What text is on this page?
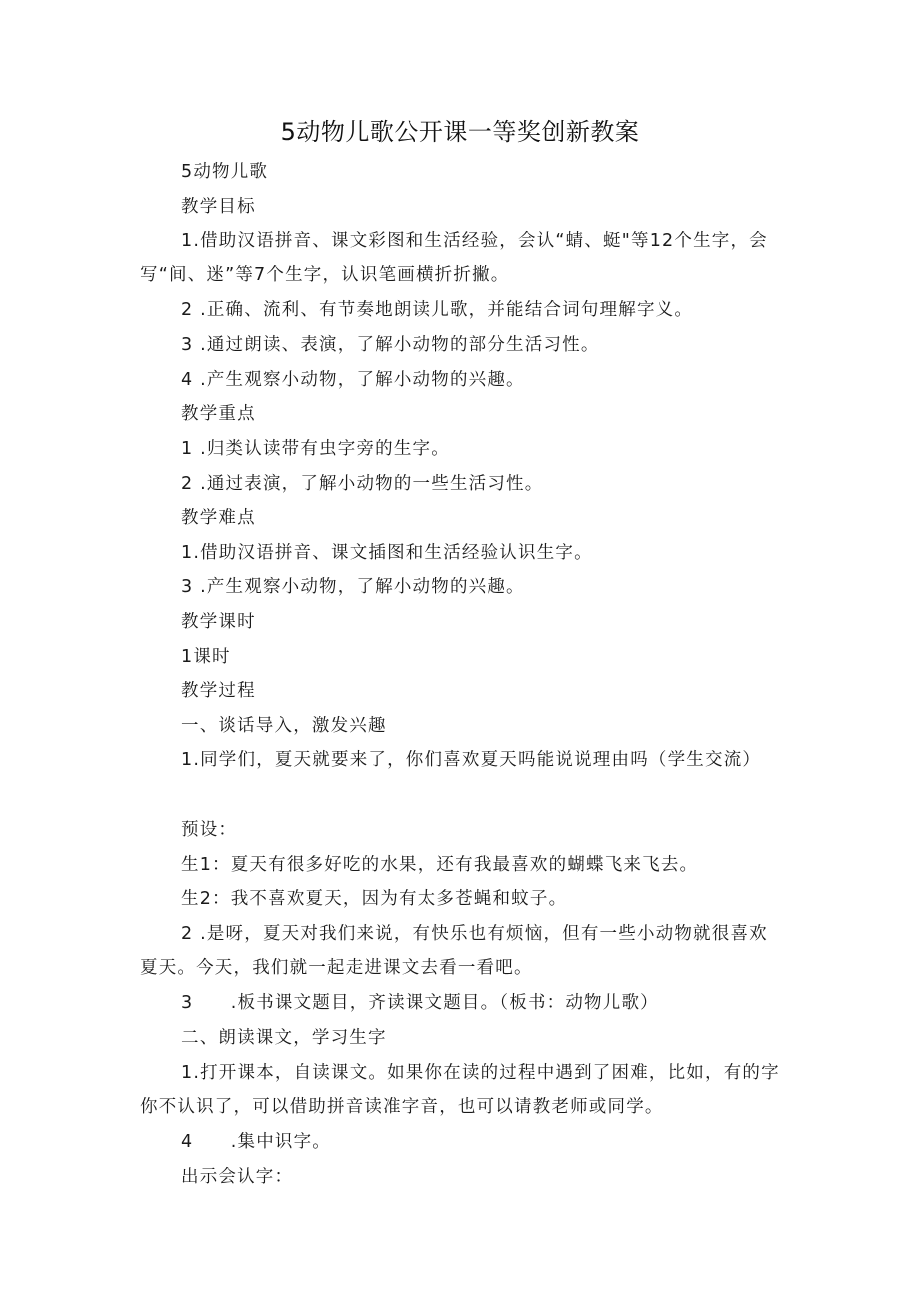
5动物儿歌公开课一等奖创新教案
5动物儿歌
教学目标
1.借助汉语拼音、课文彩图和生活经验，会认“蜻、蜓"等12个生字，会写“间、迷”等7个生字，认识笔画横折折撇。
2 .正确、流利、有节奏地朗读儿歌，并能结合词句理解字义。
3 .通过朗读、表演，了解小动物的部分生活习性。
4 .产生观察小动物，了解小动物的兴趣。
教学重点
1 .归类认读带有虫字旁的生字。
2 .通过表演，了解小动物的一些生活习性。
教学难点
1.借助汉语拼音、课文插图和生活经验认识生字。
3 .产生观察小动物，了解小动物的兴趣。
教学课时
1课时
教学过程
一、谈话导入，激发兴趣
1.同学们，夏天就要来了，你们喜欢夏天吗能说说理由吗（学生交流）
预设：
生1：夏天有很多好吃的水果，还有我最喜欢的蝴蝶飞来飞去。
生2：我不喜欢夏天，因为有太多苍蝇和蚊子。
2 .是呀，夏天对我们来说，有快乐也有烦恼，但有一些小动物就很喜欢夏天。今天，我们就一起走进课文去看一看吧。
3　　.板书课文题目，齐读课文题目。（板书：动物儿歌）
二、朗读课文，学习生字
1.打开课本，自读课文。如果你在读的过程中遇到了困难，比如，有的字你不认识了，可以借助拼音读准字音，也可以请教老师或同学。
4　　.集中识字。
出示会认字：
